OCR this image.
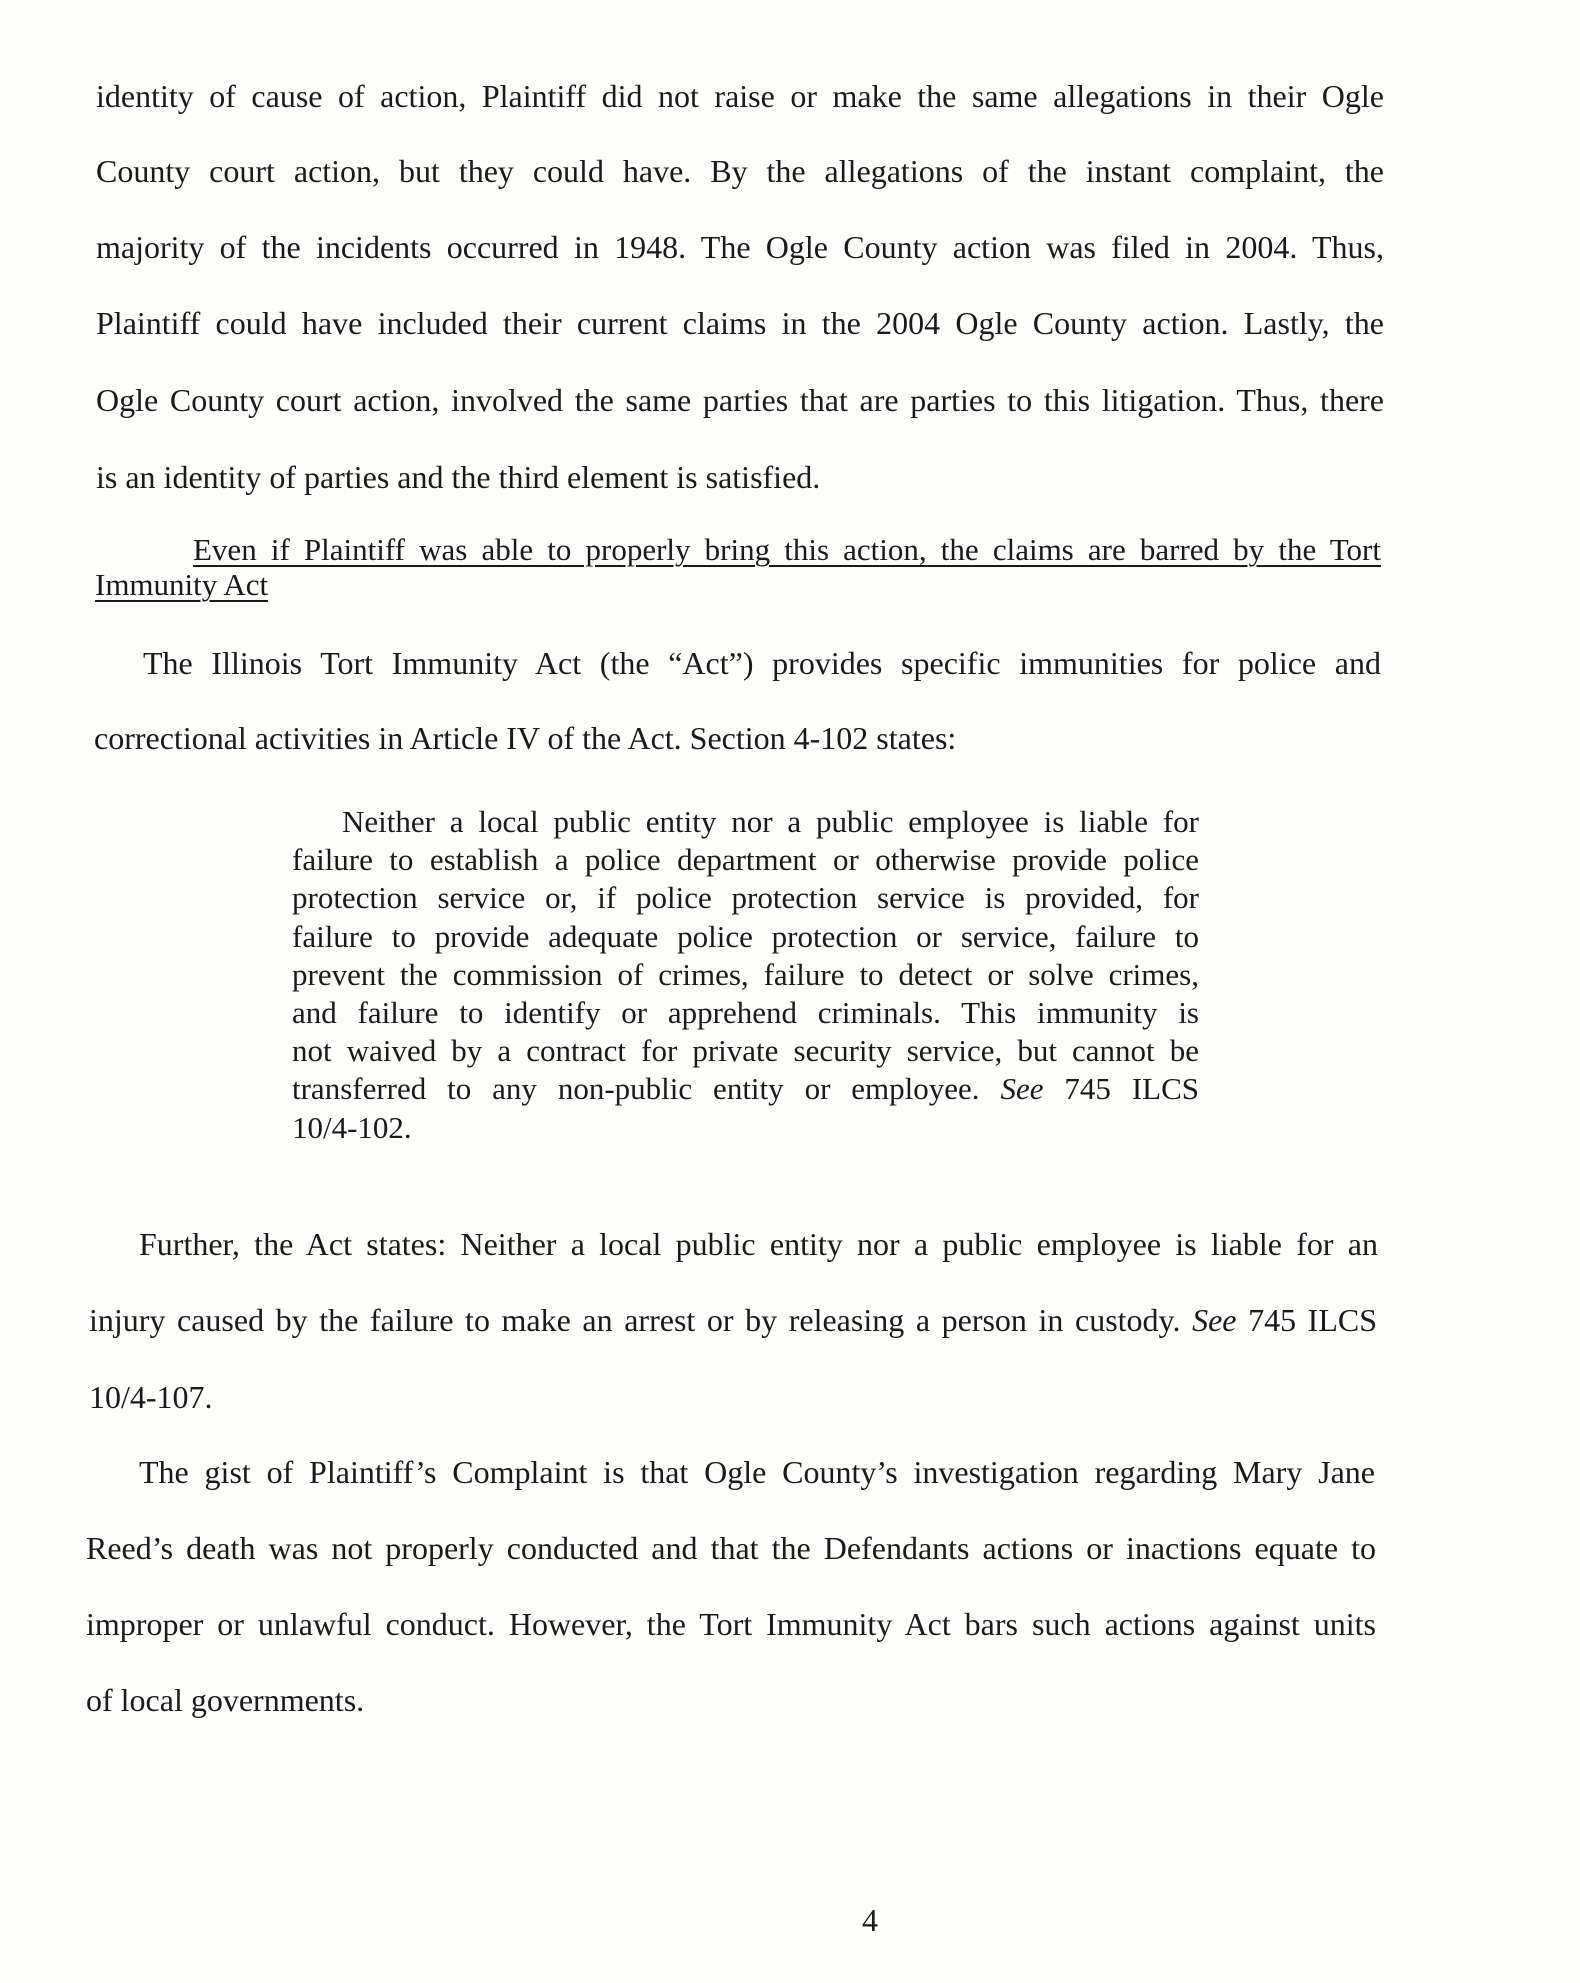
identity of cause of action, Plaintiff did not raise or make the same allegations in their Ogle
County court action, but they could have. By the allegations of the instant complaint, the
majority of the incidents occurred in 1948. The Ogle County action was filed in 2004. Thus,
Plaintiff could have included their current claims in the 2004 Ogle County action. Lastly, the
Ogle County court action, involved the same parties that are parties to this litigation. Thus, there
is an identity of parties and the third element is satisfied.
Even if Plaintiff was able to properly bring this action, the claims are barred by the Tort
Immunity Act
The Illinois Tort Immunity Act (the “Act”) provides specific immunities for police and
correctional activities in Article IV of the Act. Section 4-102 states:
Neither a local public entity nor a public employee is liable for
failure to establish a police department or otherwise provide police
protection service or, if police protection service is provided, for
failure to provide adequate police protection or service, failure to
prevent the commission of crimes, failure to detect or solve crimes,
and failure to identify or apprehend criminals. This immunity is
not waived by a contract for private security service, but cannot be
transferred to any non-public entity or employee. See 745 ILCS
10/4-102.
Further, the Act states: Neither a local public entity nor a public employee is liable for an
injury caused by the failure to make an arrest or by releasing a person in custody. See 745 ILCS
10/4-107.
The gist of Plaintiff’s Complaint is that Ogle County’s investigation regarding Mary Jane
Reed’s death was not properly conducted and that the Defendants actions or inactions equate to
improper or unlawful conduct. However, the Tort Immunity Act bars such actions against units
of local governments.
4
